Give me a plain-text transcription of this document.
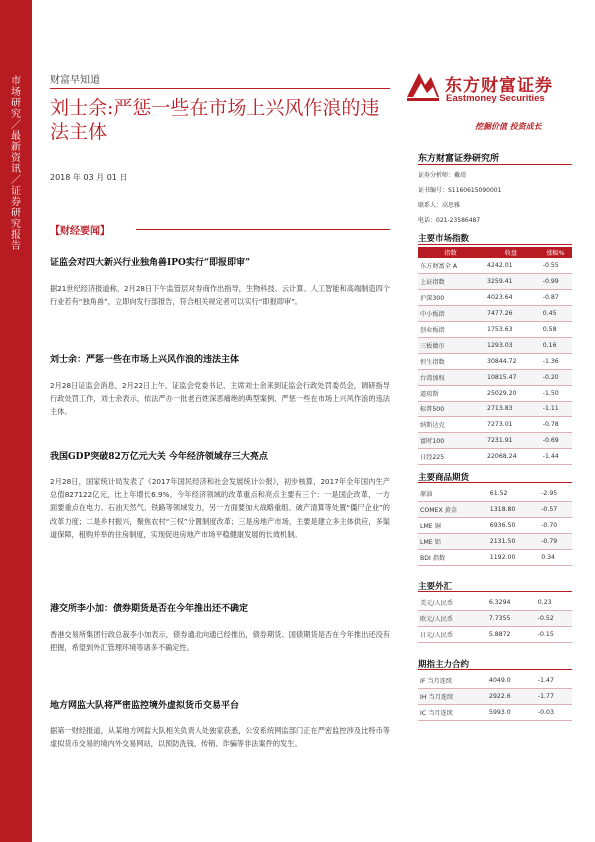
市场研究／最新资讯／证券研究报告
财富早知道
刘士余:严惩一些在市场上兴风作浪的违法主体
2018 年 03 月 01 日
东方财富证券
Eastmoney Securities
挖掘价值 投资成长
【财经要闻】
证监会对四大新兴行业独角兽IPO实行“即报即审”
据21世纪经济报道称，2月28日下午监管层对券商作出指导，生物科技、云计算、人工智能和高端制造四个行业若有“独角兽”，立即向发行部报告，符合相关规定者可以实行“即报即审”。
刘士余：严惩一些在市场上兴风作浪的违法主体
2月28日证监会消息，2月22日上午，证监会党委书记、主席刘士余来到证监会行政处罚委员会，调研指导行政处罚工作，刘士余表示，依法严办一批老百姓深恶痛绝的典型案例、严惩一些在市场上兴风作浪的违法主体。
我国GDP突破82万亿元大关 今年经济领域存三大亮点
2月28日，国家统计局发表了《2017年国民经济和社会发展统计公报》，初步核算，2017年全年国内生产总值827122亿元，比上年增长6.9%。今年经济领域的改革重点和亮点主要有三个：一是国企改革，一方面要重点在电力、石油天然气、铁路等领域发力，另一方面要加大战略重组、破产清算等处置“僵尸企业”的改革力度；二是乡村振兴，聚焦农村“三权”分置制度改革；三是房地产市场，主要是建立多主体供应，多渠道保障，租购并举的住房制度，实现促进房地产市场平稳健康发展的长效机制。
港交所李小加：债券期货是否在今年推出还不确定
香港交易所集团行政总裁李小加表示，债券通北向通已经推出，债券期货、国债期货是否在今年推出还没有把握，希望到外汇管理环境等诸多不确定性。
地方网监大队将严密监控境外虚拟货币交易平台
据第一财经报道，从某地方网监大队相关负责人处独家获悉，公安系统网监部门正在严密监控涉及比特币等虚拟货币交易的境内外交易网站，以预防洗钱、传销、诈骗等非法案件的发生。
东方财富证券研究所
证券分析师：戴靖
证书编号：S1160615090001
联系人：高思雅
电话：021-23586487
主要市场指数
指数	收盘	涨幅%
东方财富全 A	4242.01	-0.55
上证指数	3259.41	-0.99
沪深300	4023.64	-0.87
中小板指	7477.26	0.45
创业板指	1753.63	0.58
三板做市	1293.03	0.16
恒生指数	30844.72	-1.36
台湾加权	10815.47	-0.20
道琼斯	25029.20	-1.50
标普500	2713.83	-1.11
纳斯达克	7273.01	-0.78
富时100	7231.91	-0.69
日经225	22068.24	-1.44
主要商品期货
原油	61.52	-2.95
COMEX 黄金	1318.80	-0.57
LME 铜	6936.50	-0.70
LME 铝	2131.50	-0.79
BDI 指数	1192.00	0.34
主要外汇
美元/人民币	6.3294	0.23
欧元/人民币	7.7355	-0.52
日元/人民币	5.8872	-0.15
期指主力合约
IF 当月连续	4049.0	-1.47
IH 当月连续	2922.6	-1.77
IC 当月连续	5993.0	-0.03
